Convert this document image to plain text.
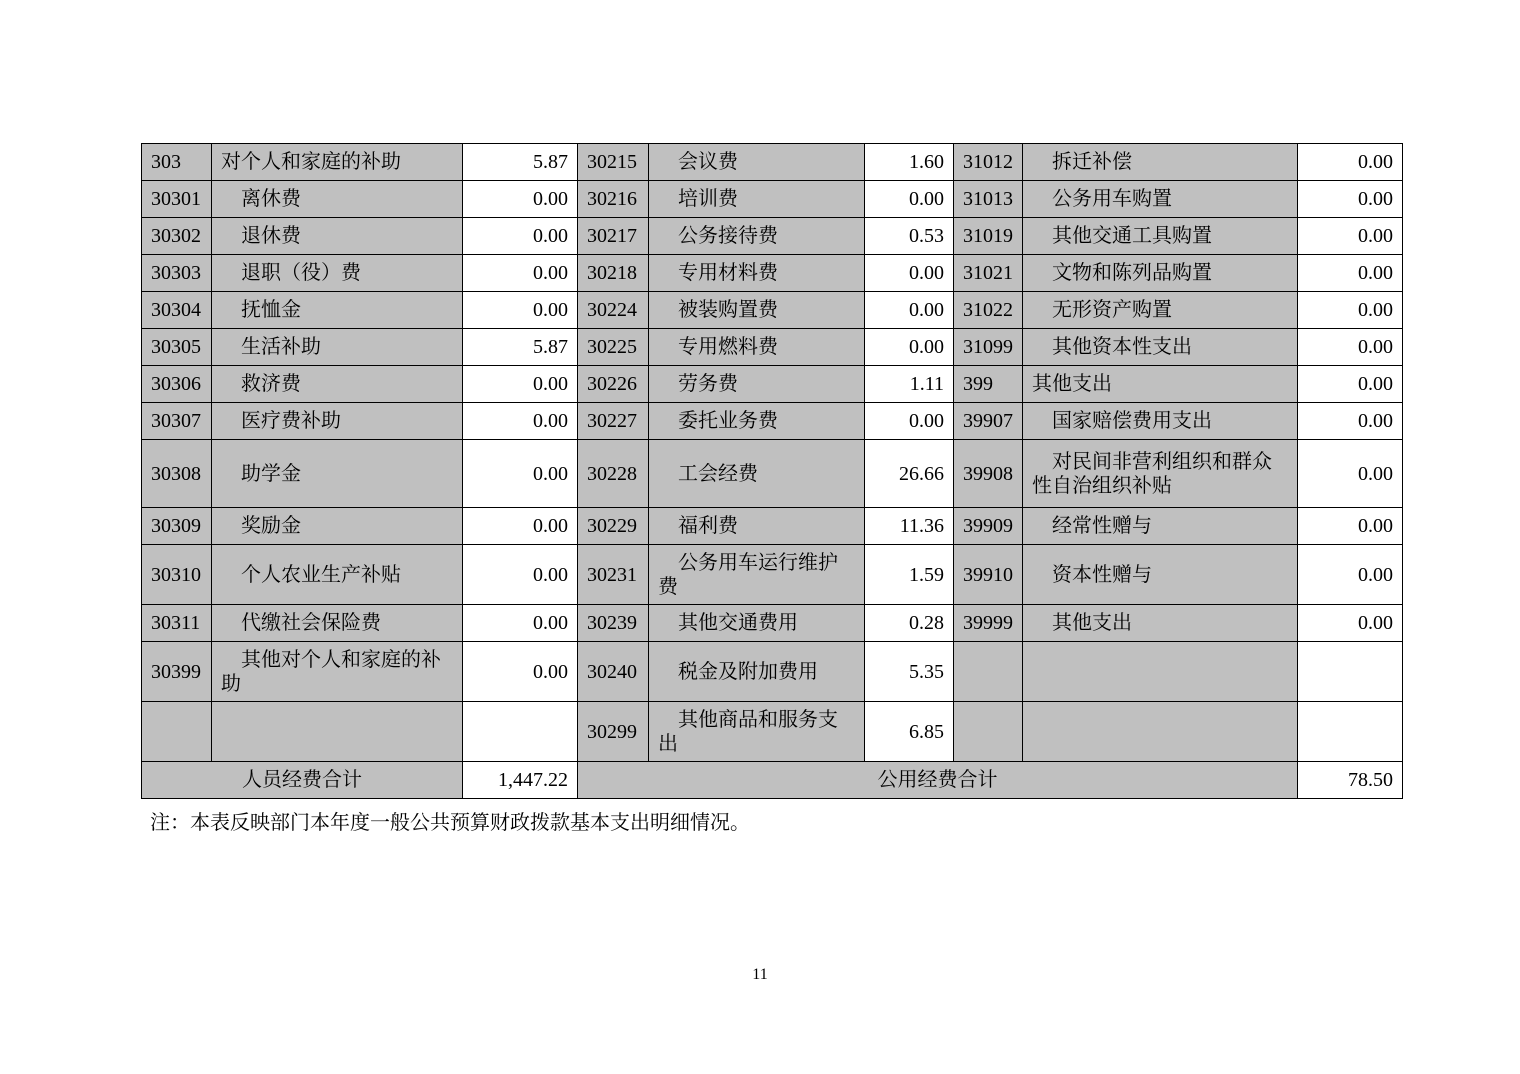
303	对个人和家庭的补助	5.87	30215	会议费	1.60	31012	拆迁补偿	0.00
30301	离休费	0.00	30216	培训费	0.00	31013	公务用车购置	0.00
30302	退休费	0.00	30217	公务接待费	0.53	31019	其他交通工具购置	0.00
30303	退职（役）费	0.00	30218	专用材料费	0.00	31021	文物和陈列品购置	0.00
30304	抚恤金	0.00	30224	被装购置费	0.00	31022	无形资产购置	0.00
30305	生活补助	5.87	30225	专用燃料费	0.00	31099	其他资本性支出	0.00
30306	救济费	0.00	30226	劳务费	1.11	399	其他支出	0.00
30307	医疗费补助	0.00	30227	委托业务费	0.00	39907	国家赔偿费用支出	0.00
30308	助学金	0.00	30228	工会经费	26.66	39908	对民间非营利组织和群众性自治组织补贴	0.00
30309	奖励金	0.00	30229	福利费	11.36	39909	经常性赠与	0.00
30310	个人农业生产补贴	0.00	30231	公务用车运行维护费	1.59	39910	资本性赠与	0.00
30311	代缴社会保险费	0.00	30239	其他交通费用	0.28	39999	其他支出	0.00
30399	其他对个人和家庭的补助	0.00	30240	税金及附加费用	5.35			
			30299	其他商品和服务支出	6.85			
人员经费合计		1,447.22	公用经费合计					78.50
注：本表反映部门本年度一般公共预算财政拨款基本支出明细情况。
11
